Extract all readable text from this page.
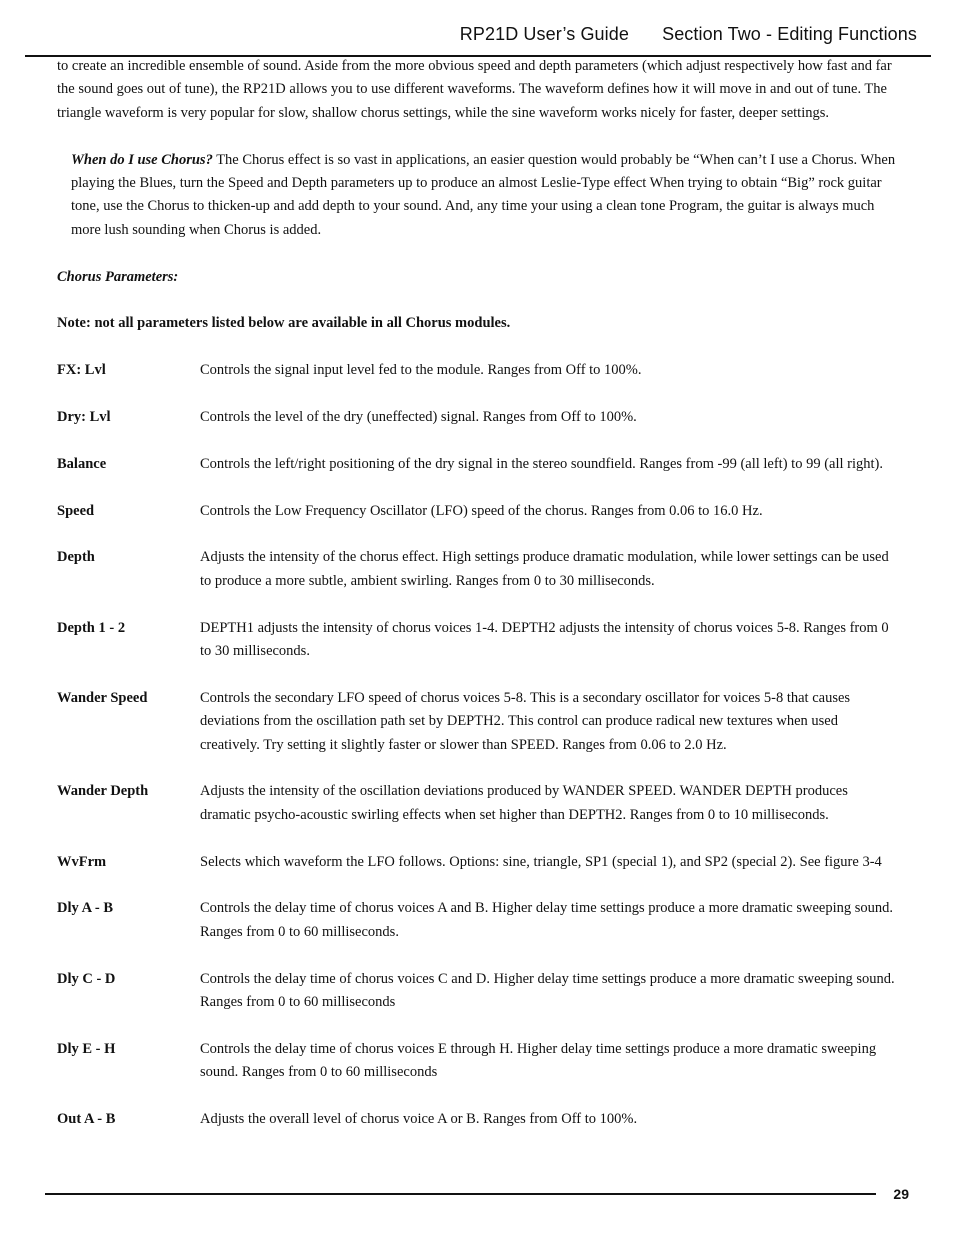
RP21D User’s Guide Section Two - Editing Functions

to create an incredible ensemble of sound. Aside from the more obvious speed and depth parameters (which adjust respectively how fast and far the sound goes out of tune), the RP21D allows you to use different waveforms. The waveform defines how it will move in and out of tune. The triangle waveform is very popular for slow, shallow chorus settings, while the sine waveform works nicely for faster, deeper settings.

When do I use Chorus? The Chorus effect is so vast in applications, an easier question would probably be “When can’t I use a Chorus. When playing the Blues, turn the Speed and Depth parameters up to produce an almost Leslie-Type effect When trying to obtain “Big” rock guitar tone, use the Chorus to thicken-up and add depth to your sound. And, any time your using a clean tone Program, the guitar is always much more lush sounding when Chorus is added.

Chorus Parameters:

Note: not all parameters listed below are available in all Chorus modules.

FX: Lvl	Controls the signal input level fed to the module. Ranges from Off to 100%.
Dry: Lvl	Controls the level of the dry (uneffected) signal. Ranges from Off to 100%.
Balance	Controls the left/right positioning of the dry signal in the stereo soundfield. Ranges from -99 (all left) to 99 (all right).
Speed	Controls the Low Frequency Oscillator (LFO) speed of the chorus. Ranges from 0.06 to 16.0 Hz.
Depth	Adjusts the intensity of the chorus effect. High settings produce dramatic modulation, while lower settings can be used to produce a more subtle, ambient swirling. Ranges from 0 to 30 milliseconds.
Depth 1 - 2	DEPTH1 adjusts the intensity of chorus voices 1-4. DEPTH2 adjusts the intensity of chorus voices 5-8. Ranges from 0 to 30 milliseconds.
Wander Speed	Controls the secondary LFO speed of chorus voices 5-8. This is a secondary oscillator for voices 5-8 that causes deviations from the oscillation path set by DEPTH2. This control can produce radical new textures when used creatively. Try setting it slightly faster or slower than SPEED. Ranges from 0.06 to 2.0 Hz.
Wander Depth	Adjusts the intensity of the oscillation deviations produced by WANDER SPEED. WANDER DEPTH produces dramatic psycho-acoustic swirling effects when set higher than DEPTH2. Ranges from 0 to 10 milliseconds.
WvFrm	Selects which waveform the LFO follows. Options: sine, triangle, SP1 (special 1), and SP2 (special 2). See figure 3-4
Dly A - B	Controls the delay time of chorus voices A and B. Higher delay time settings produce a more dramatic sweeping sound. Ranges from 0 to 60 milliseconds.
Dly C - D	Controls the delay time of chorus voices C and D. Higher delay time settings produce a more dramatic sweeping sound. Ranges from 0 to 60 milliseconds
Dly E - H	Controls the delay time of chorus voices E through H. Higher delay time settings produce a more dramatic sweeping sound. Ranges from 0 to 60 milliseconds
Out A - B	Adjusts the overall level of chorus voice A or B. Ranges from Off to 100%.
29
